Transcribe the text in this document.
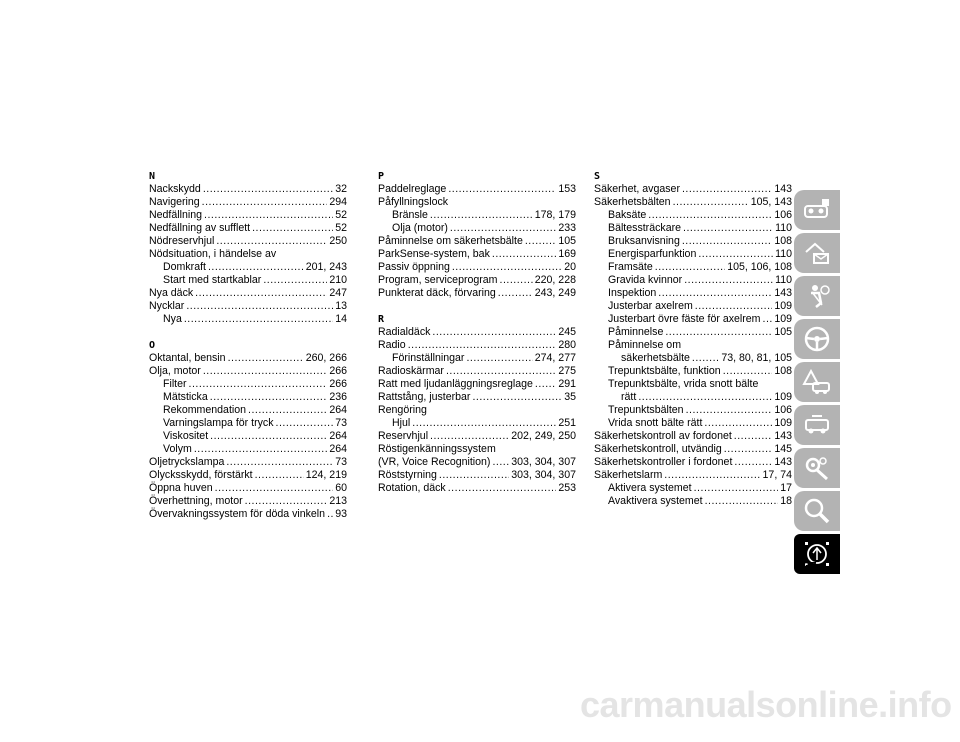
N
Nackskydd .....	32
Navigering .....	294
Nedfällning .....	52
Nedfällning av sufflett .....	52
Nödreservhjul .....	250
Nödsituation, i händelse av
Domkraft .....	201, 243
Start med startkablar .....	210
Nya däck .....	247
Nycklar .....	13
Nya .....	14
O
Oktantal, bensin .....	260, 266
Olja, motor .....	266
Filter .....	266
Mätsticka .....	236
Rekommendation .....	264
Varningslampa för tryck .....	73
Viskositet .....	264
Volym .....	264
Oljetryckslampa .....	73
Olycksskydd, förstärkt .....	124, 219
Öppna huven .....	60
Överhettning, motor .....	213
Övervakningssystem för döda vinkeln ..... 93
P
Paddelreglage .....	153
Påfyllningslock
Bränsle .....	178, 179
Olja (motor) .....	233
Påminnelse om säkerhetsbälte .....	105
ParkSense-system, bak .....	169
Passiv öppning .....	20
Program, serviceprogram .....	220, 228
Punkterat däck, förvaring .....	243, 249
R
Radialdäck .....	245
Radio .....	280
Förinställningar .....	274, 277
Radioskärmar .....	275
Ratt med ljudanläggningsreglage ..... 291
Rattstång, justerbar .....	35
Rengöring
Hjul .....	251
Reservhjul .....	202, 249, 250
Röstigenkänningssystem
(VR, Voice Recognition) ..... 303, 304, 307
Röststyrning .....	303, 304, 307
Rotation, däck .....	253
S
Säkerhet, avgaser .....	143
Säkerhetsbälten .....	105, 143
Baksäte .....	106
Bältessträckare .....	110
Bruksanvisning .....	108
Energisparfunktion .....	110
Framsäte .....	105, 106, 108
Gravida kvinnor .....	110
Inspektion .....	143
Justerbar axelrem .....	109
Justerbart övre fäste för axelrem ..... 109
Påminnelse .....	105
Påminnelse om
säkerhetsbälte .....	73, 80, 81, 105
Trepunktsbälte, funktion .....	108
Trepunktsbälte, vrida snott bälte
rätt .....	109
Trepunktsbälten .....	106
Vrida snott bälte rätt .....	109
Säkerhetskontroll av fordonet .....	143
Säkerhetskontroll, utvändig .....	145
Säkerhetskontroller i fordonet .....	143
Säkerhetslarm .....	17, 74
Aktivera systemet .....	17
Avaktivera systemet .....	18
337
carmanualsonline.info
